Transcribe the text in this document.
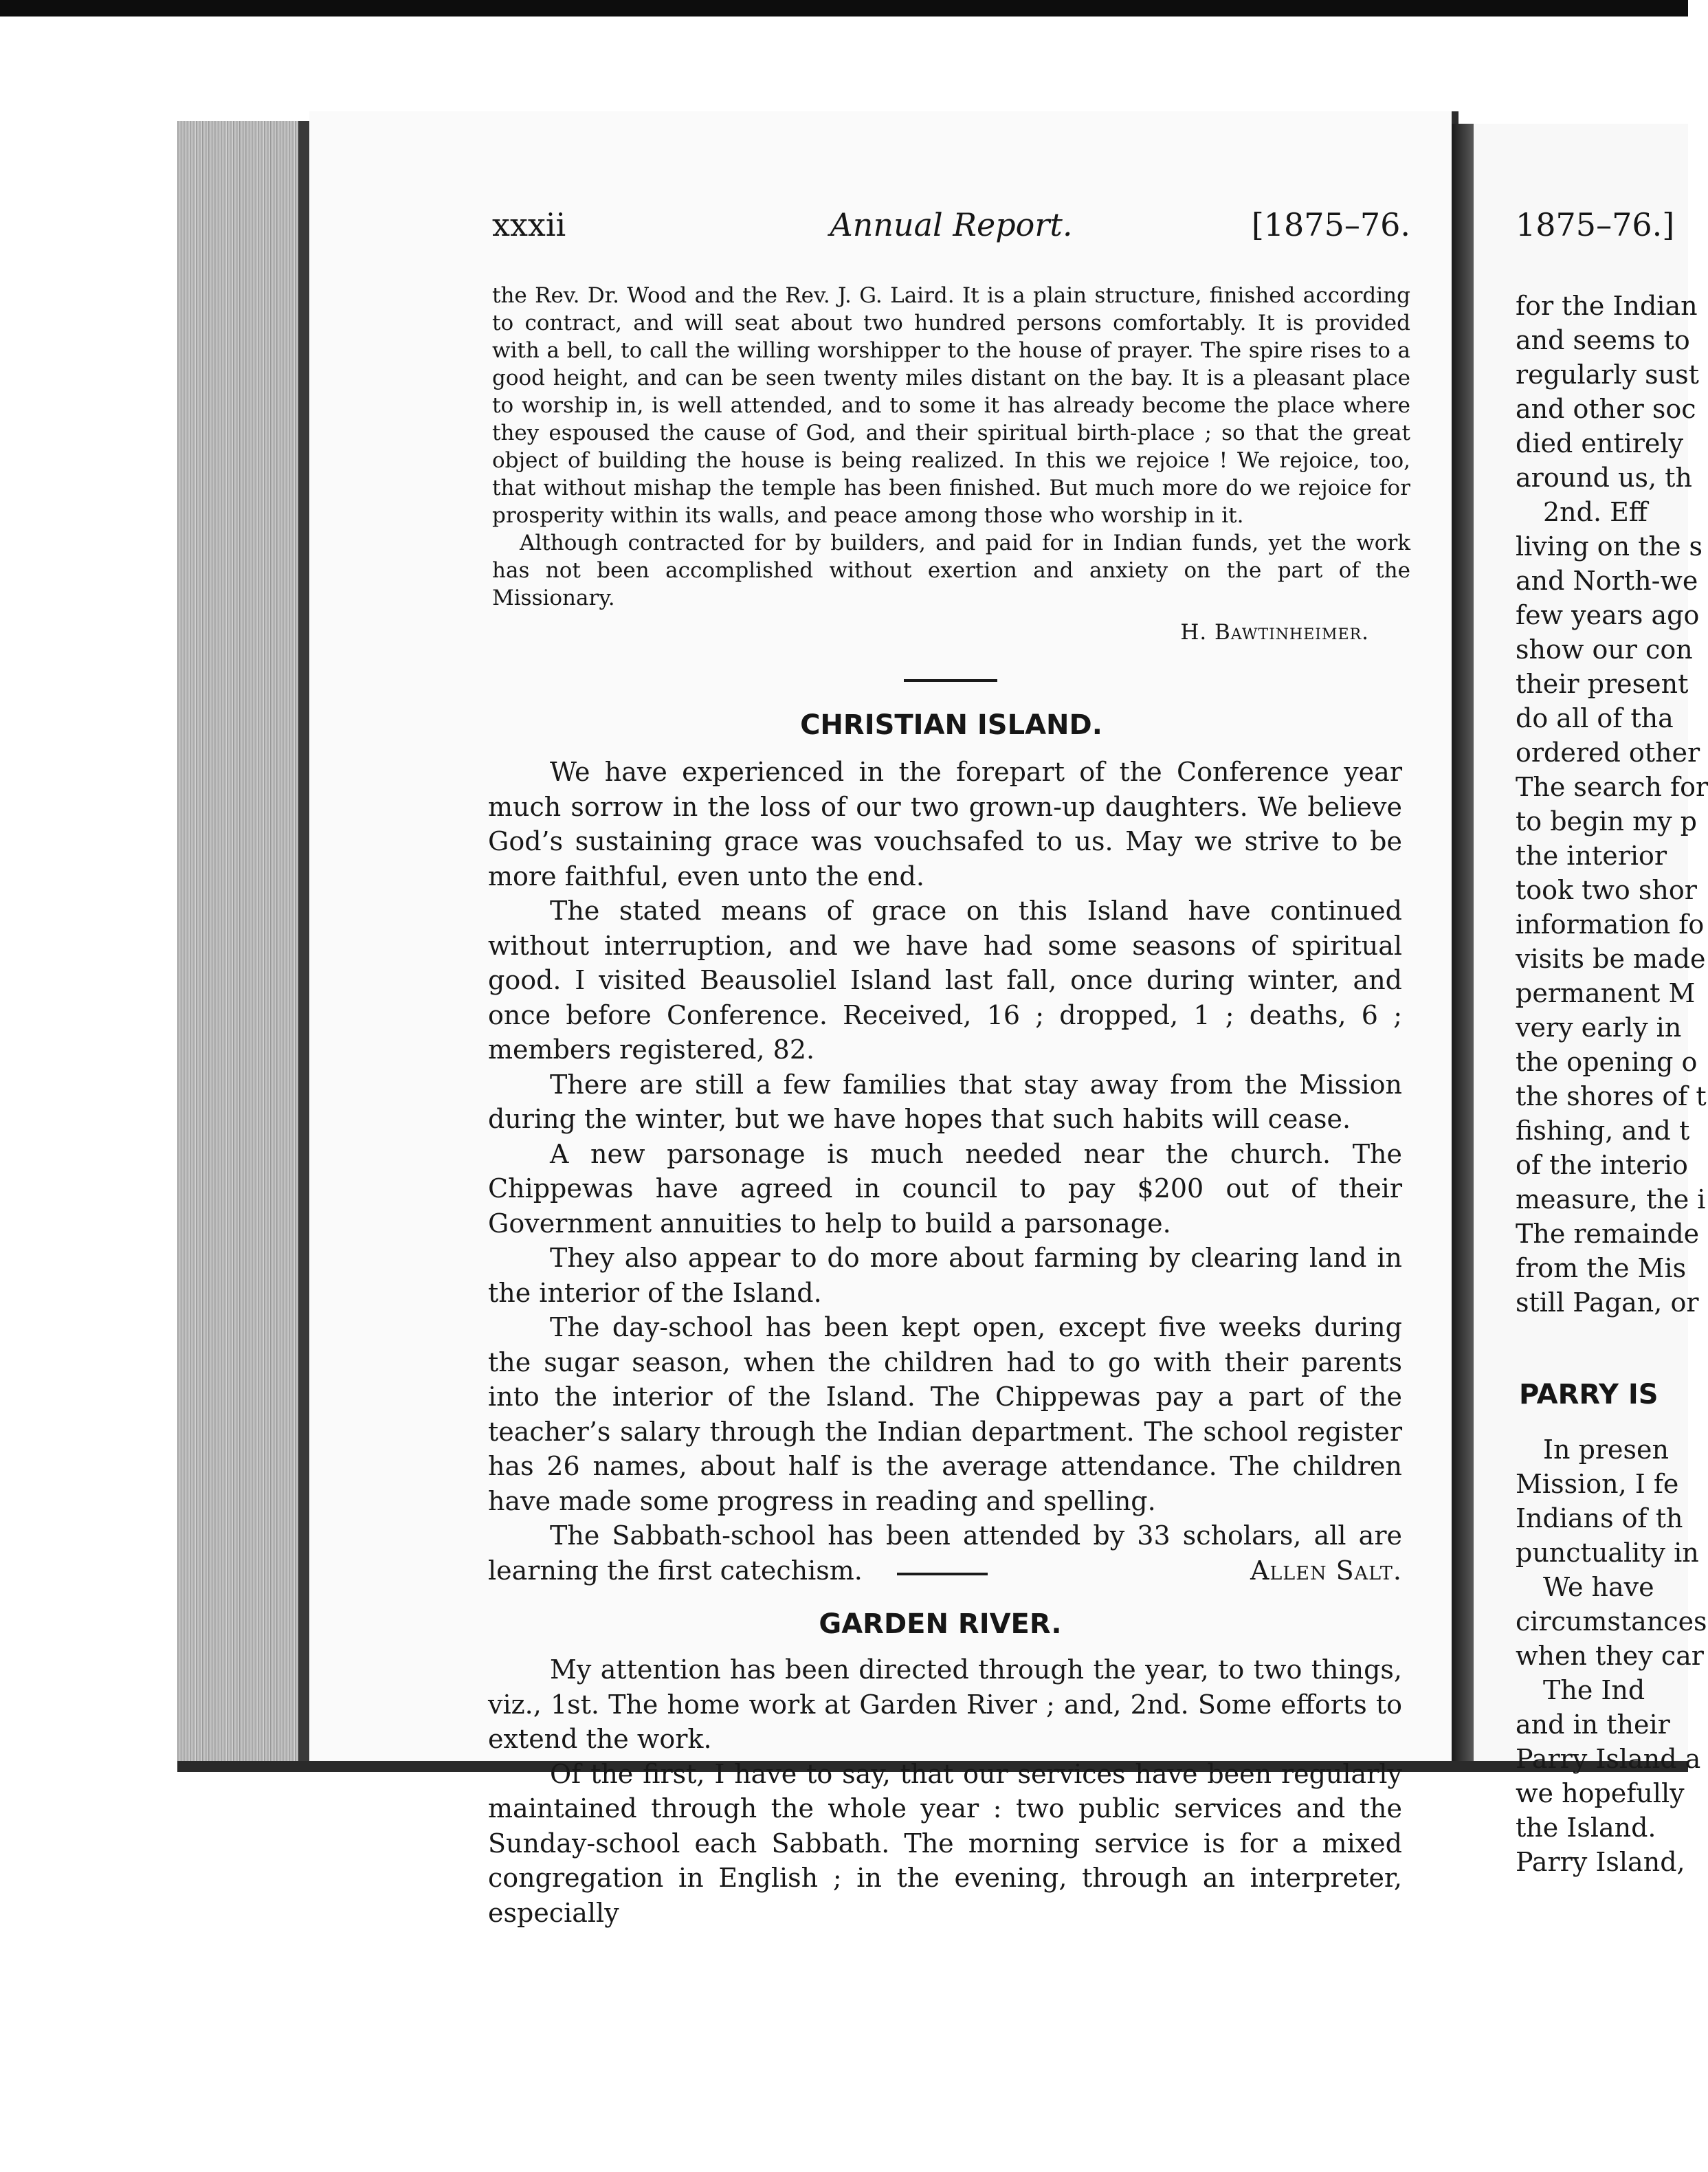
xxxii	Annual Report.	[1875–76.

the Rev. Dr. Wood and the Rev. J. G. Laird. It is a plain structure, finished according to contract, and will seat about two hundred persons comfortably. It is provided with a bell, to call the willing worshipper to the house of prayer. The spire rises to a good height, and can be seen twenty miles distant on the bay. It is a pleasant place to worship in, is well attended, and to some it has already become the place where they espoused the cause of God, and their spiritual birth-place ; so that the great object of building the house is being realized. In this we rejoice ! We rejoice, too, that without mishap the temple has been finished. But much more do we rejoice for prosperity within its walls, and peace among those who worship in it.

Although contracted for by builders, and paid for in Indian funds, yet the work has not been accomplished without exertion and anxiety on the part of the Missionary.

H. Bawtinheimer.
CHRISTIAN ISLAND.

We have experienced in the forepart of the Conference year much sorrow in the loss of our two grown-up daughters. We believe God’s sustaining grace was vouchsafed to us. May we strive to be more faithful, even unto the end.

The stated means of grace on this Island have continued without interruption, and we have had some seasons of spiritual good. I visited Beausoliel Island last fall, once during winter, and once before Conference. Received, 16 ; dropped, 1 ; deaths, 6 ; members registered, 82.

There are still a few families that stay away from the Mission during the winter, but we have hopes that such habits will cease.

A new parsonage is much needed near the church. The Chippewas have agreed in council to pay $200 out of their Government annuities to help to build a parsonage.

They also appear to do more about farming by clearing land in the interior of the Island.

The day-school has been kept open, except five weeks during the sugar season, when the children had to go with their parents into the interior of the Island. The Chippewas pay a part of the teacher’s salary through the Indian department. The school register has 26 names, about half is the average attendance. The children have made some progress in reading and spelling.

The Sabbath-school has been attended by 33 scholars, all are learning the first catechism.	Allen Salt.

GARDEN RIVER.

My attention has been directed through the year, to two things, viz., 1st. The home work at Garden River ; and, 2nd. Some efforts to extend the work.

Of the first, I have to say, that our services have been regularly maintained through the whole year : two public services and the Sunday-school each Sabbath. The morning service is for a mixed congregation in English ; in the evening, through an interpreter, especially

1875–76.]
for the Indian
and seems to
regularly sust
and other soc
died entirely
around us, th
2nd. Eff
living on the s
and North-we
few years ago
show our con
their present
do all of tha
ordered other
The search for
to begin my p
the interior
took two shor
information fo
visits be made
permanent M
very early in
the opening o
the shores of t
fishing, and t
of the interio
measure, the i
The remainde
from the Mis
still Pagan, or
PARRY IS
In presen
Mission, I fe
Indians of th
punctuality in
We have
circumstances
when they car
The Ind
and in their
Parry Island a
we hopefully
the Island.
Parry Island,
